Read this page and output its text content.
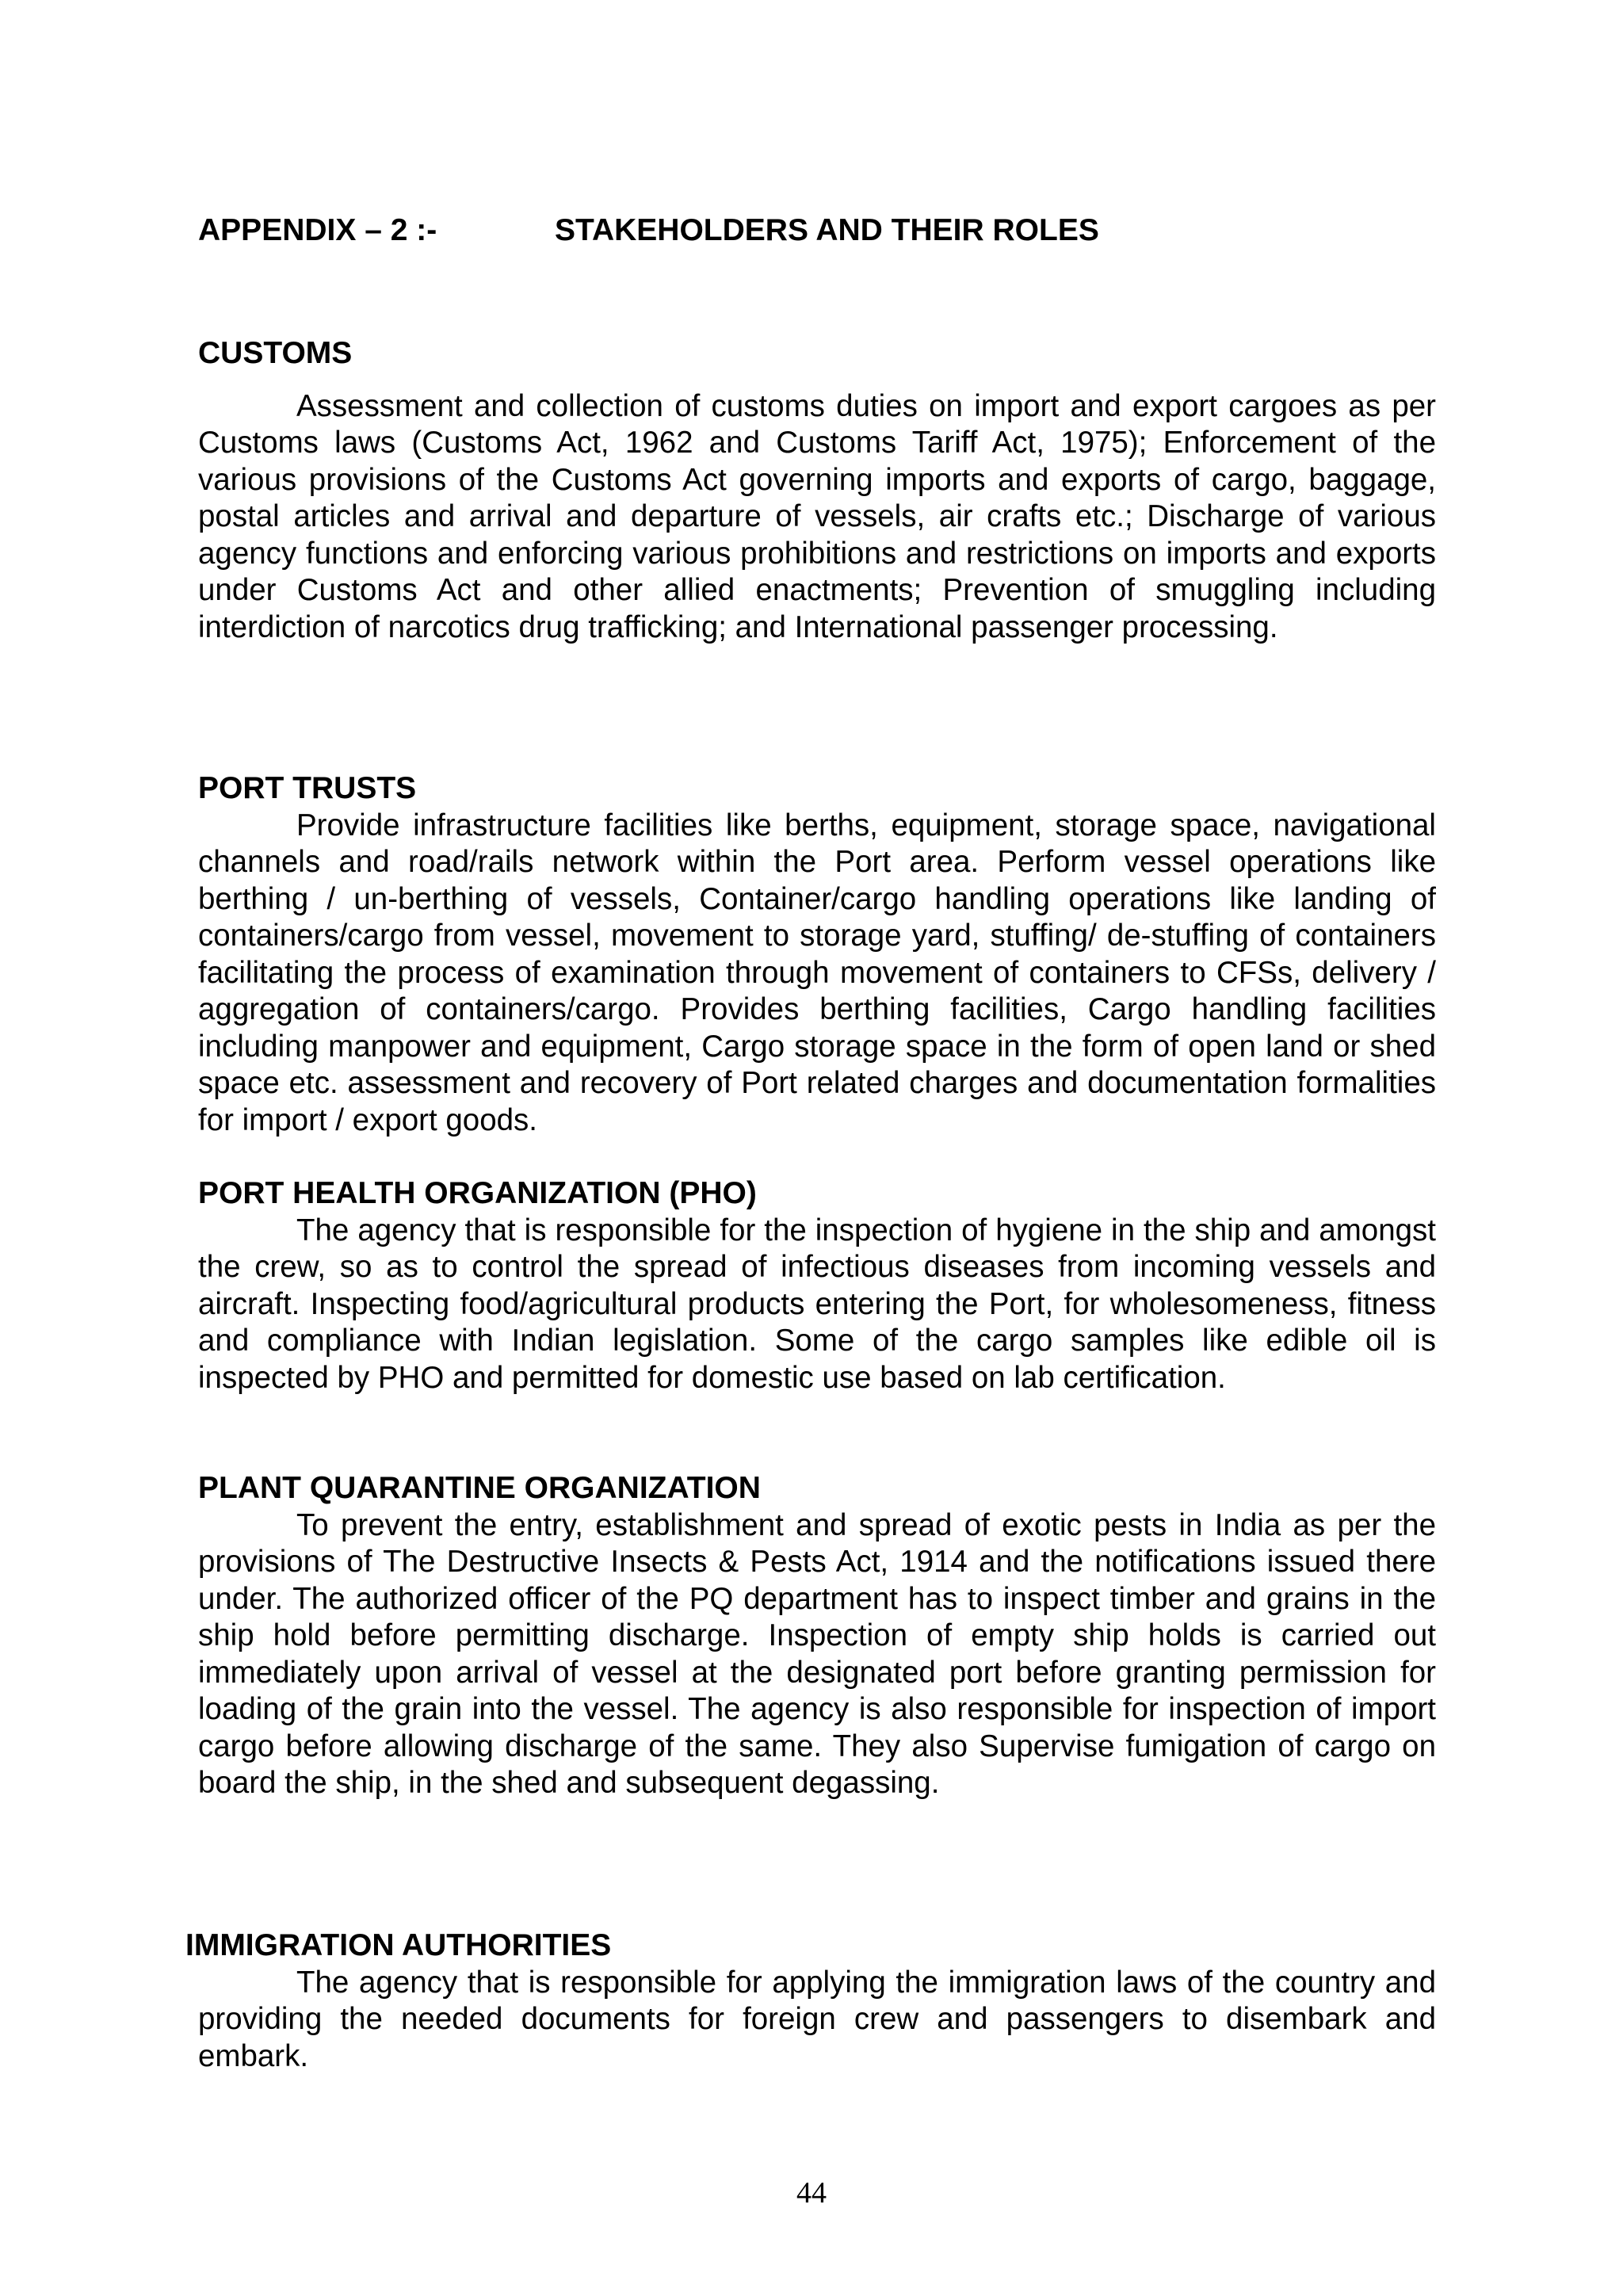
APPENDIX – 2 :-	STAKEHOLDERS AND THEIR ROLES

CUSTOMS

Assessment and collection of customs duties on import and export cargoes as per Customs laws (Customs Act, 1962 and Customs Tariff Act, 1975); Enforcement of the various provisions of the Customs Act governing imports and exports of cargo, baggage, postal articles and arrival and departure of vessels, air crafts etc.; Discharge of various agency functions and enforcing various prohibitions and restrictions on imports and exports under Customs Act and other allied enactments; Prevention of smuggling including interdiction of narcotics drug trafficking; and International passenger processing.

PORT TRUSTS

Provide infrastructure facilities like berths, equipment, storage space, navigational channels and road/rails network within the Port area. Perform vessel operations like berthing / un-berthing of vessels, Container/cargo handling operations like landing of containers/cargo from vessel, movement to storage yard, stuffing/ de-stuffing of containers facilitating the process of examination through movement of containers to CFSs, delivery / aggregation of containers/cargo. Provides berthing facilities, Cargo handling facilities including manpower and equipment, Cargo storage space in the form of open land or shed space etc. assessment and recovery of Port related charges and documentation formalities for import / export goods.

PORT HEALTH ORGANIZATION (PHO)

The agency that is responsible for the inspection of hygiene in the ship and amongst the crew, so as to control the spread of infectious diseases from incoming vessels and aircraft. Inspecting food/agricultural products entering the Port, for wholesomeness, fitness and compliance with Indian legislation. Some of the cargo samples like edible oil is inspected by PHO and permitted for domestic use based on lab certification.

PLANT QUARANTINE ORGANIZATION

To prevent the entry, establishment and spread of exotic pests in India as per the provisions of The Destructive Insects & Pests Act, 1914 and the notifications issued there under. The authorized officer of the PQ department has to inspect timber and grains in the ship hold before permitting discharge. Inspection of empty ship holds is carried out immediately upon arrival of vessel at the designated port before granting permission for loading of the grain into the vessel. The agency is also responsible for inspection of import cargo before allowing discharge of the same. They also Supervise fumigation of cargo on board the ship, in the shed and subsequent degassing.

IMMIGRATION AUTHORITIES

The agency that is responsible for applying the immigration laws of the country and providing the needed documents for foreign crew and passengers to disembark and embark.

44
